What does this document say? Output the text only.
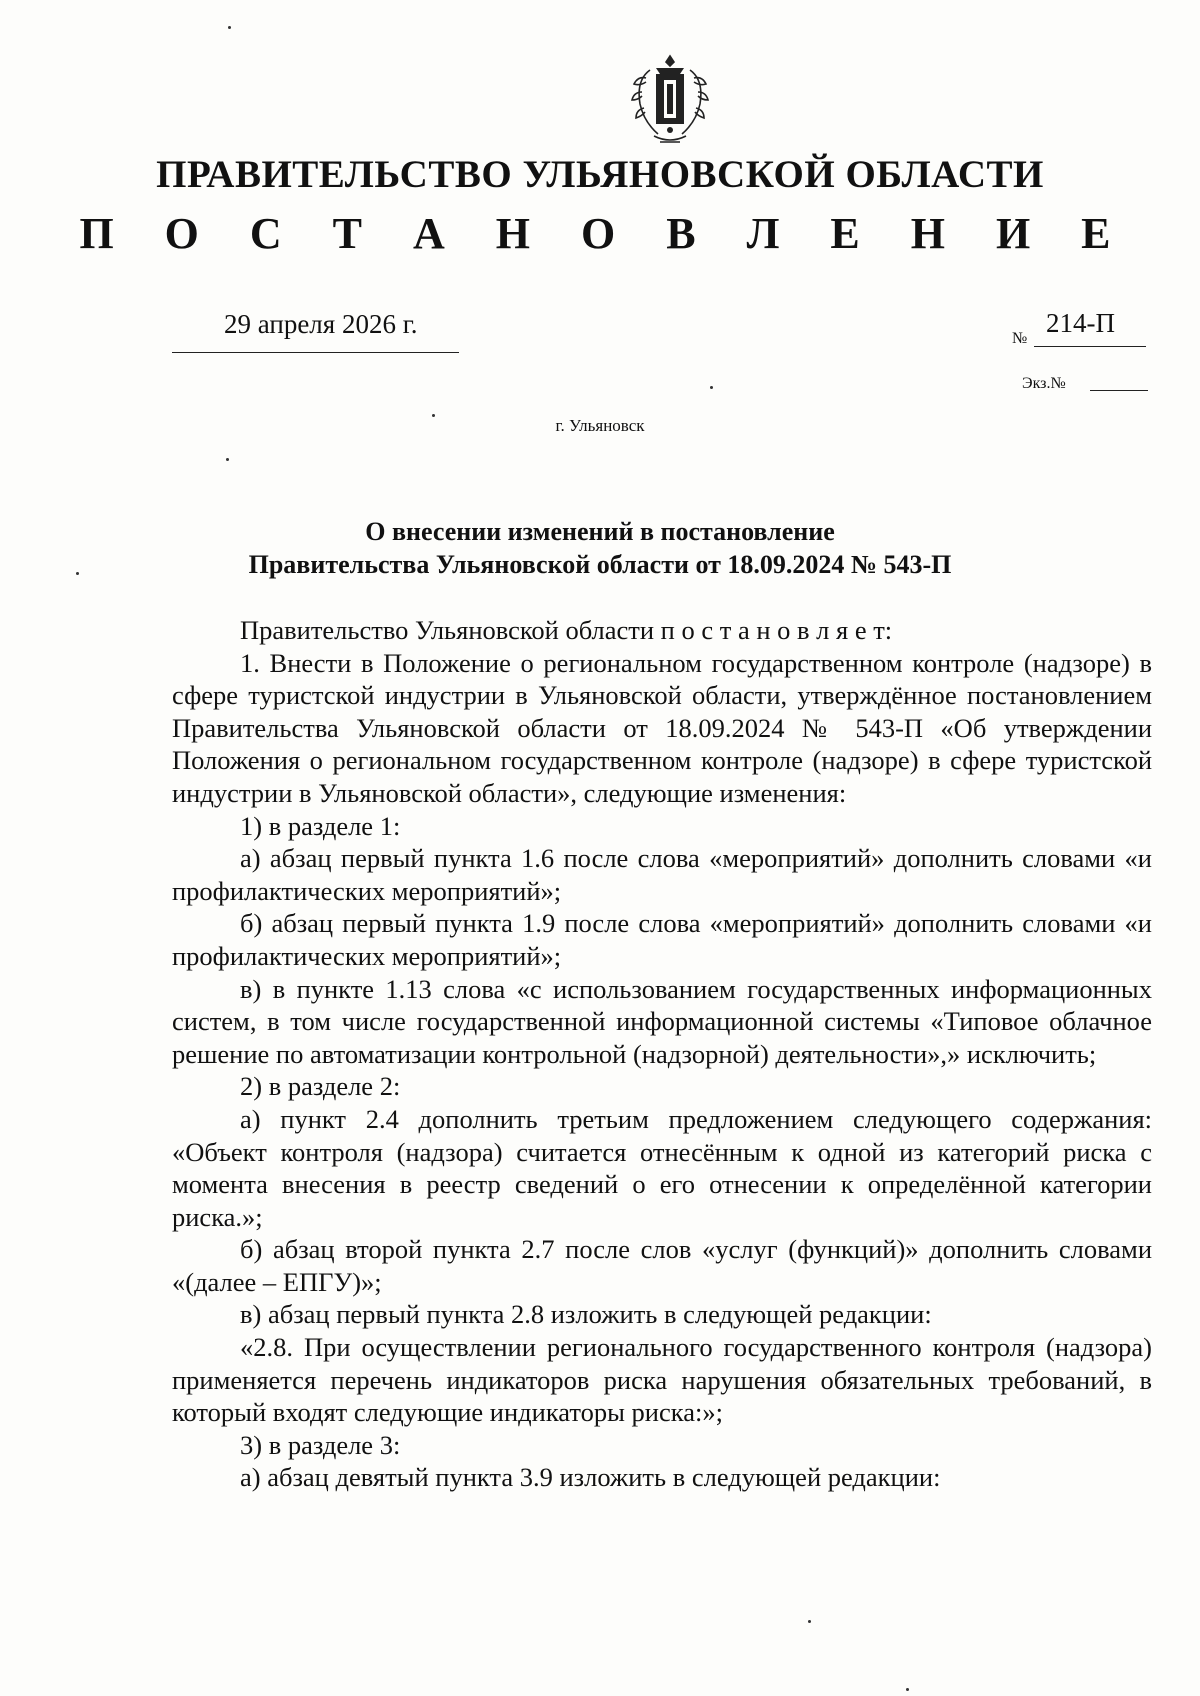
ПРАВИТЕЛЬСТВО УЛЬЯНОВСКОЙ ОБЛАСТИ
П О С Т А Н О В Л Е Н И Е
29 апреля 2026 г.	№
214-П
Экз.№
г. Ульяновск
О внесении изменений в постановление
Правительства Ульяновской области от 18.09.2024 № 543-П

Правительство Ульяновской области п о с т а н о в л я е т:

1. Внести в Положение о региональном государственном контроле (надзоре) в сфере туристской индустрии в Ульяновской области, утверждённое постановлением Правительства Ульяновской области от 18.09.2024 № 543-П «Об утверждении Положения о региональном государственном контроле (надзоре) в сфере туристской индустрии в Ульяновской области», следующие изменения:

1) в разделе 1:

а) абзац первый пункта 1.6 после слова «мероприятий» дополнить словами «и профилактических мероприятий»;

б) абзац первый пункта 1.9 после слова «мероприятий» дополнить словами «и профилактических мероприятий»;

в) в пункте 1.13 слова «с использованием государственных информационных систем, в том числе государственной информационной системы «Типовое облачное решение по автоматизации контрольной (надзорной) деятельности»,» исключить;

2) в разделе 2:

а) пункт 2.4 дополнить третьим предложением следующего содержания: «Объект контроля (надзора) считается отнесённым к одной из категорий риска с момента внесения в реестр сведений о его отнесении к определённой категории риска.»;

б) абзац второй пункта 2.7 после слов «услуг (функций)» дополнить словами «(далее – ЕПГУ)»;

в) абзац первый пункта 2.8 изложить в следующей редакции:

«2.8. При осуществлении регионального государственного контроля (надзора) применяется перечень индикаторов риска нарушения обязательных требований, в который входят следующие индикаторы риска:»;

3) в разделе 3:

а) абзац девятый пункта 3.9 изложить в следующей редакции:
